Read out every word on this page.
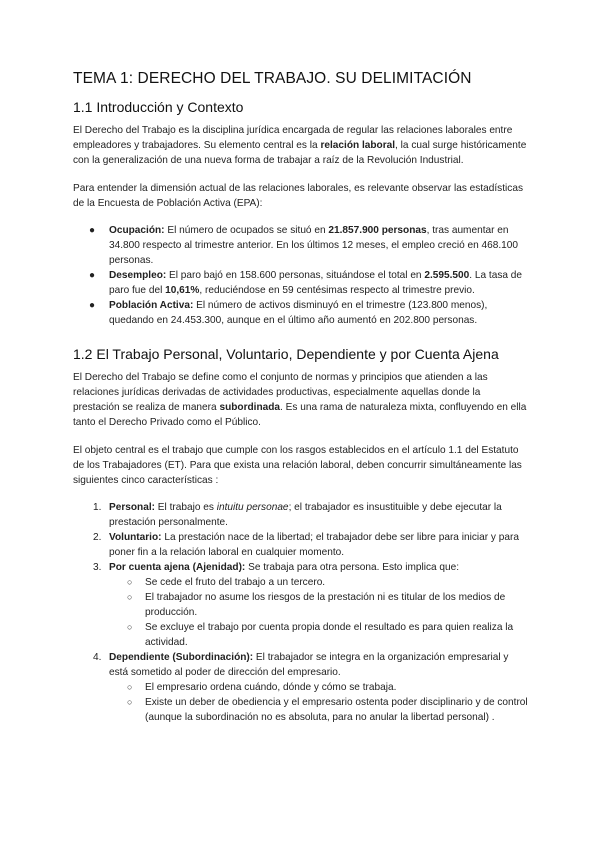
TEMA 1: DERECHO DEL TRABAJO. SU DELIMITACIÓN
1.1 Introducción y Contexto

El Derecho del Trabajo es la disciplina jurídica encargada de regular las relaciones laborales entre empleadores y trabajadores. Su elemento central es la relación laboral, la cual surge históricamente con la generalización de una nueva forma de trabajar a raíz de la Revolución Industrial.

Para entender la dimensión actual de las relaciones laborales, es relevante observar las estadísticas de la Encuesta de Población Activa (EPA):

● Ocupación: El número de ocupados se situó en 21.857.900 personas, tras aumentar en 34.800 respecto al trimestre anterior. En los últimos 12 meses, el empleo creció en 468.100 personas.
● Desempleo: El paro bajó en 158.600 personas, situándose el total en 2.595.500. La tasa de paro fue del 10,61%, reduciéndose en 59 centésimas respecto al trimestre previo.
● Población Activa: El número de activos disminuyó en el trimestre (123.800 menos), quedando en 24.453.300, aunque en el último año aumentó en 202.800 personas.
1.2 El Trabajo Personal, Voluntario, Dependiente y por Cuenta Ajena

El Derecho del Trabajo se define como el conjunto de normas y principios que atienden a las relaciones jurídicas derivadas de actividades productivas, especialmente aquellas donde la prestación se realiza de manera subordinada. Es una rama de naturaleza mixta, confluyendo en ella tanto el Derecho Privado como el Público.

El objeto central es el trabajo que cumple con los rasgos establecidos en el artículo 1.1 del Estatuto de los Trabajadores (ET). Para que exista una relación laboral, deben concurrir simultáneamente las siguientes cinco características :

1. Personal: El trabajo es intuitu personae; el trabajador es insustituible y debe ejecutar la prestación personalmente.
2. Voluntario: La prestación nace de la libertad; el trabajador debe ser libre para iniciar y para poner fin a la relación laboral en cualquier momento.
3. Por cuenta ajena (Ajenidad): Se trabaja para otra persona. Esto implica que:
○ Se cede el fruto del trabajo a un tercero.
○ El trabajador no asume los riesgos de la prestación ni es titular de los medios de producción.
○ Se excluye el trabajo por cuenta propia donde el resultado es para quien realiza la actividad.
4. Dependiente (Subordinación): El trabajador se integra en la organización empresarial y está sometido al poder de dirección del empresario.
○ El empresario ordena cuándo, dónde y cómo se trabaja.
○ Existe un deber de obediencia y el empresario ostenta poder disciplinario y de control (aunque la subordinación no es absoluta, para no anular la libertad personal) .
